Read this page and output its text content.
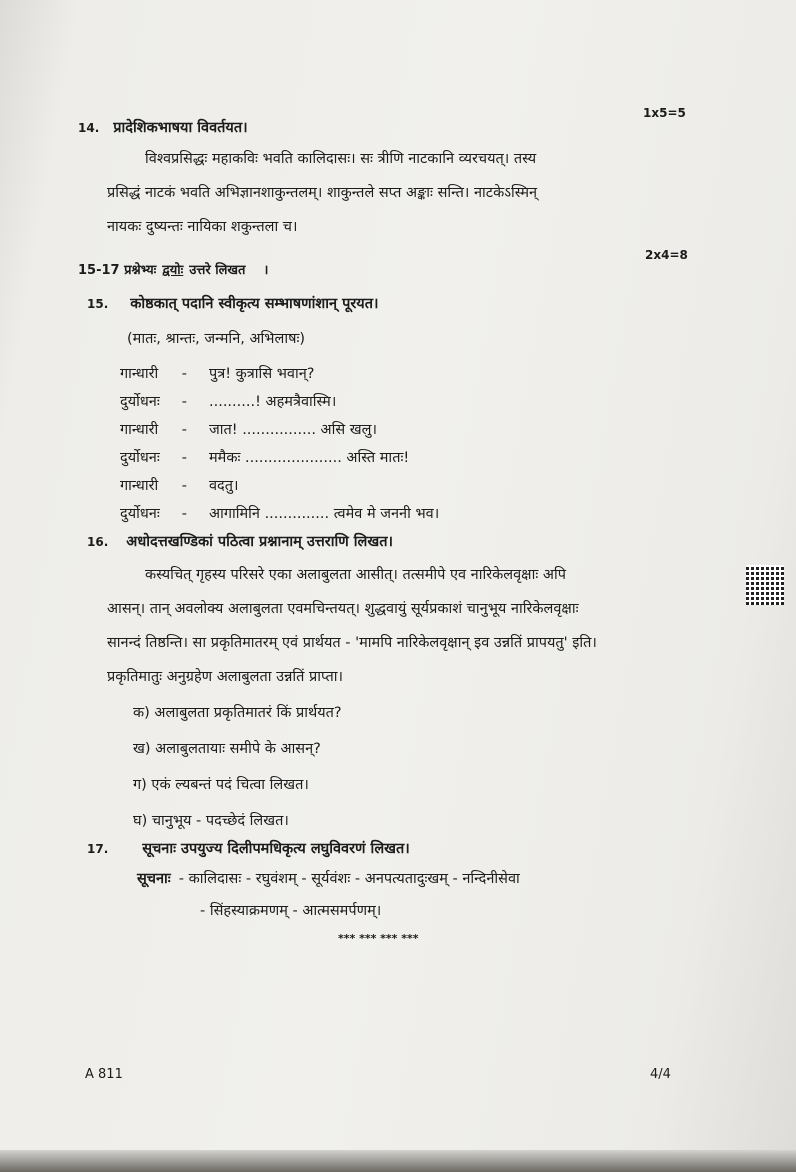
1x5=5
14. प्रादेशिकभाषया विवर्तयत।
विश्वप्रसिद्धः महाकविः भवति कालिदासः। सः त्रीणि नाटकानि व्यरचयत्। तस्य
प्रसिद्धं नाटकं भवति अभिज्ञानशाकुन्तलम्। शाकुन्तले सप्त अङ्काः सन्ति। नाटकेऽस्मिन्
नायकः दुष्यन्तः नायिका शकुन्तला च।
2x4=8
15-17 प्रश्नेभ्यः द्वयोः उत्तरे लिखत ।
15. कोष्ठकात् पदानि स्वीकृत्य सम्भाषणांशान् पूरयत।
(मातः, श्रान्तः, जन्मनि, अभिलाषः)
गान्धारी - पुत्र! कुत्रासि भवान्?
दुर्योधनः - ..........! अहमत्रैवास्मि।
गान्धारी - जात! ................ असि खलु।
दुर्योधनः - ममैकः ..................... अस्ति मातः!
गान्धारी - वदतु।
दुर्योधनः - आगामिनि .............. त्वमेव मे जननी भव।
16. अधोदत्तखण्डिकां पठित्वा प्रश्नानाम् उत्तराणि लिखत।
कस्यचित् गृहस्य परिसरे एका अलाबुलता आसीत्। तत्समीपे एव नारिकेलवृक्षाः अपि
आसन्। तान् अवलोक्य अलाबुलता एवमचिन्तयत्। शुद्धवायुं सूर्यप्रकाशं चानुभूय नारिकेलवृक्षाः
सानन्दं तिष्ठन्ति। सा प्रकृतिमातरम् एवं प्रार्थयत - 'मामपि नारिकेलवृक्षान् इव उन्नतिं प्रापयतु' इति।
प्रकृतिमातुः अनुग्रहेण अलाबुलता उन्नतिं प्राप्ता।
क) अलाबुलता प्रकृतिमातरं किं प्रार्थयत?
ख) अलाबुलतायाः समीपे के आसन्?
ग) एकं ल्यबन्तं पदं चित्वा लिखत।
घ) चानुभूय - पदच्छेदं लिखत।
17. सूचनाः उपयुज्य दिलीपमधिकृत्य लघुविवरणं लिखत।
सूचनाः - कालिदासः - रघुवंशम् - सूर्यवंशः - अनपत्यतादुःखम् - नन्दिनीसेवा
- सिंहस्याक्रमणम् - आत्मसमर्पणम्।
*** *** *** ***
A 811	4/4
